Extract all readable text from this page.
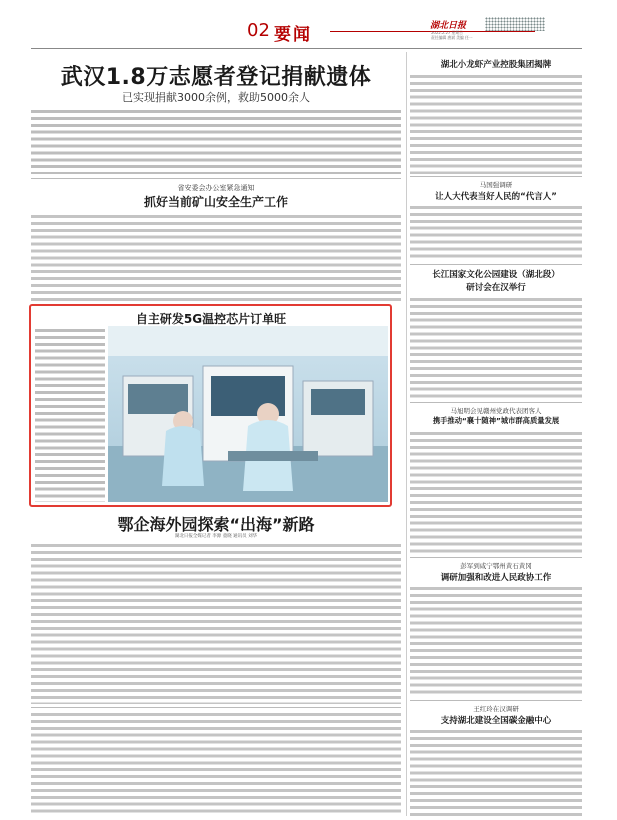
02 要闻	湖北日报
2022.2.27 星期日
责任编辑 唐斌 美编 任一
武汉1.8万志愿者登记捐献遗体
已实现捐献3000余例，救助5000余人
省安委会办公室紧急通知
抓好当前矿山安全生产工作
自主研发5G温控芯片订单旺
鄂企海外园探索“出海”新路
湖北日报全媒记者 李源 童晓 通讯员 刘华
湖北小龙虾产业控股集团揭牌
马国强调研
让人大代表当好人民的“代言人”
长江国家文化公园建设（湖北段）
研讨会在汉举行
马旭明会见赣州党政代表团客人
携手推动“襄十随神”城市群高质量发展
彭军到咸宁鄂州黄石黄冈
调研加强和改进人民政协工作
王红玲在汉调研
支持湖北建设全国碳金融中心
